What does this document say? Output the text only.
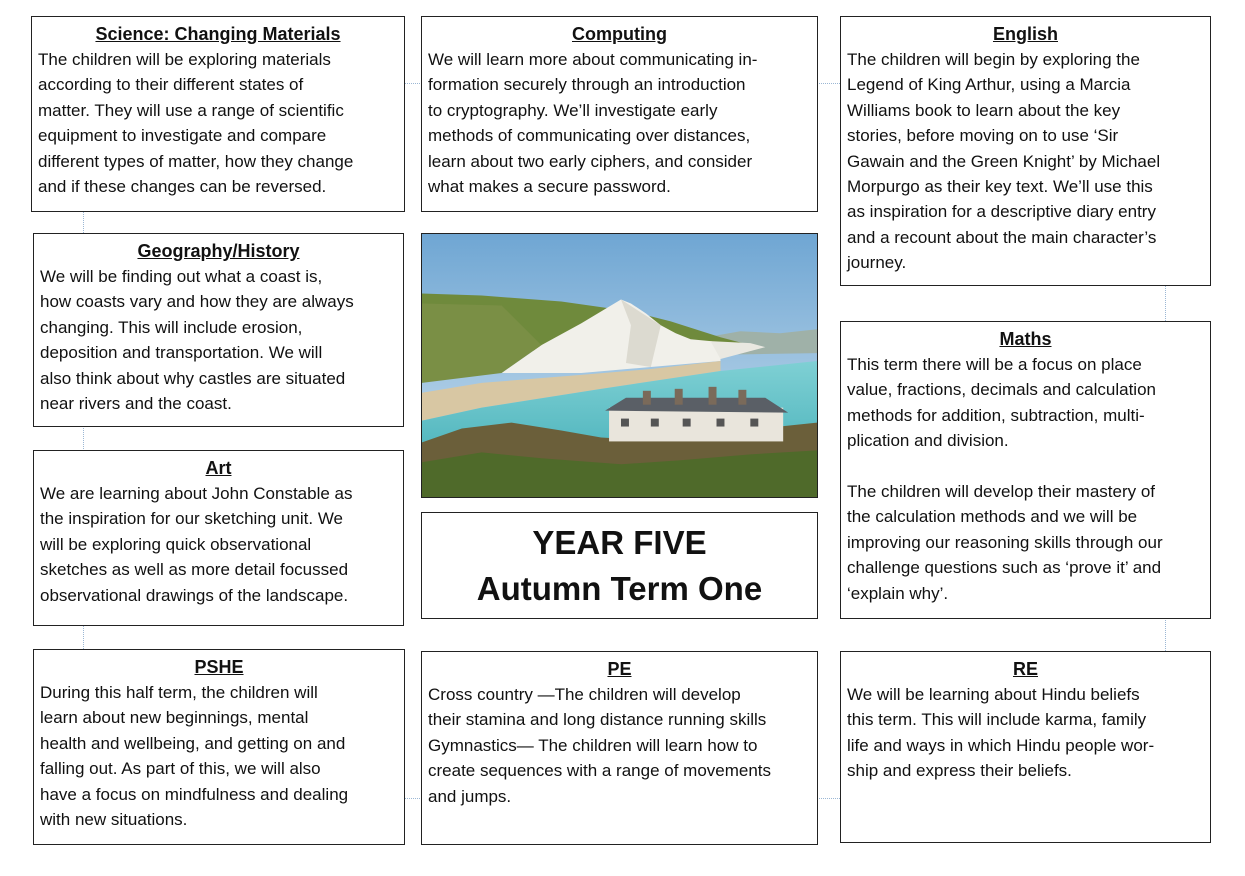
Science: Changing Materials

The children will be exploring materials
according to their different states of
matter. They will use a range of scientific
equipment to investigate and compare
different types of matter, how they change
and if these changes can be reversed.

Computing

We will learn more about communicating in-
formation securely through an introduction
to cryptography. We’ll investigate early
methods of communicating over distances,
learn about two early ciphers, and consider
what makes a secure password.

English

The children will begin by exploring the
Legend of King Arthur, using a Marcia
Williams book to learn about the key
stories, before moving on to use ‘Sir
Gawain and the Green Knight’ by Michael
Morpurgo as their key text. We’ll use this
as inspiration for a descriptive diary entry
and a recount about the main character’s
journey.

Geography/History

We will be finding out what a coast is,
how coasts vary and how they are always
changing. This will include erosion,
deposition and transportation. We will
also think about why castles are situated
near rivers and the coast.

YEAR FIVE
Autumn Term One
Maths

This term there will be a focus on place
value, fractions, decimals and calculation
methods for addition, subtraction, multi-
plication and division.

The children will develop their mastery of
the calculation methods and we will be
improving our reasoning skills through our
challenge questions such as ‘prove it’ and
‘explain why’.

Art

We are learning about John Constable as
the inspiration for our sketching unit. We
will be exploring quick observational
sketches as well as more detail focussed
observational drawings of the landscape.

PSHE

During this half term, the children will
learn about new beginnings, mental
health and wellbeing, and getting on and
falling out. As part of this, we will also
have a focus on mindfulness and dealing
with new situations.

PE

Cross country —The children will develop
their stamina and long distance running skills
Gymnastics— The children will learn how to
create sequences with a range of movements
and jumps.

RE

We will be learning about Hindu beliefs
this term. This will include karma, family
life and ways in which Hindu people wor-
ship and express their beliefs.
